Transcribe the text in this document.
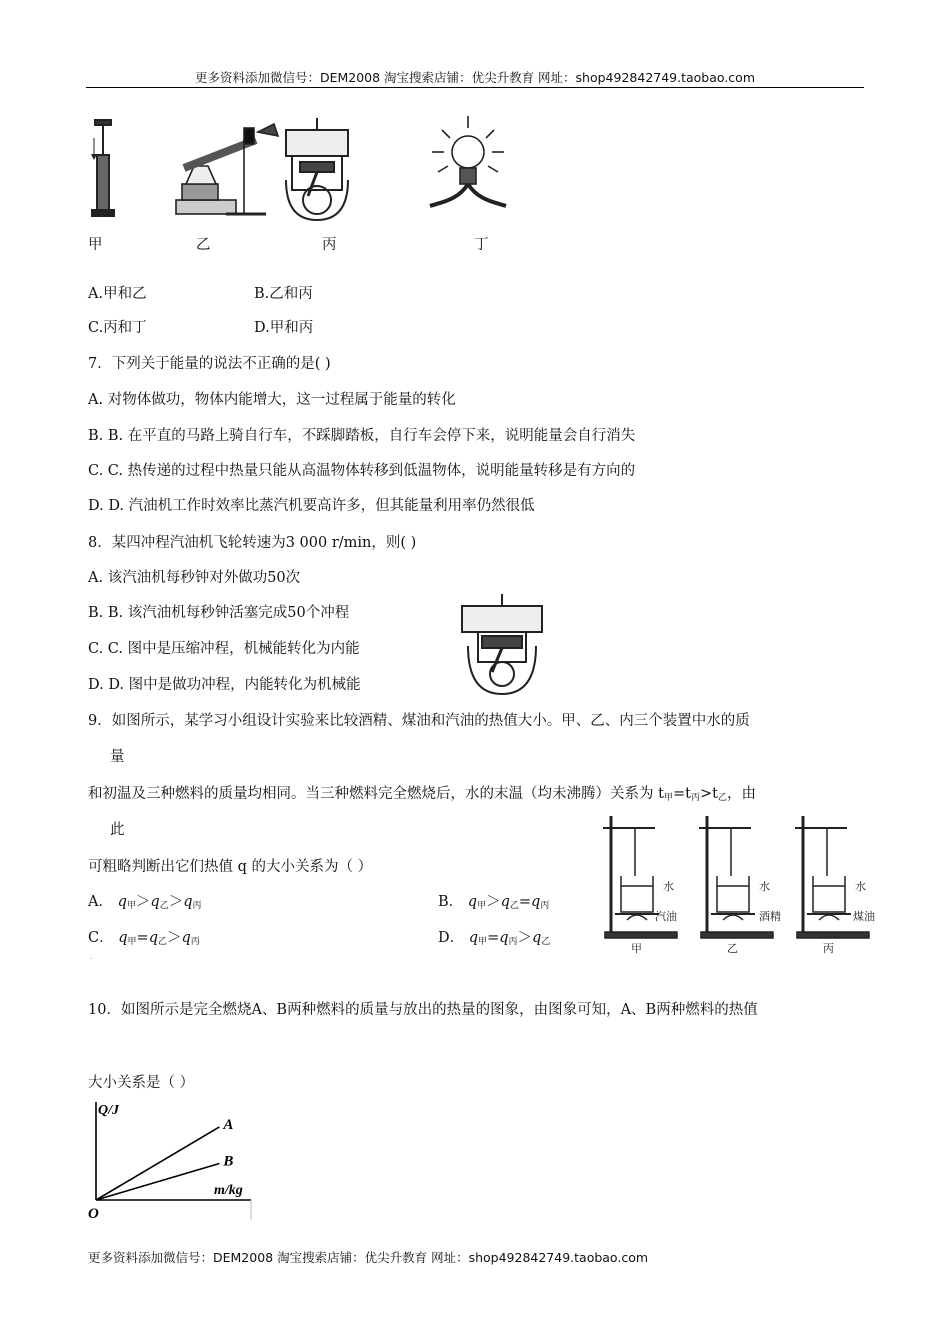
更多资料添加微信号：DEM2008 淘宝搜索店铺：优尖升教育 网址：shop492842749.taobao.com
甲	乙	丙	丁
A.甲和乙	B.乙和丙
C.丙和丁	D.甲和丙
7．下列关于能量的说法不正确的是( )
A. 对物体做功，物体内能增大，这一过程属于能量的转化
B. B. 在平直的马路上骑自行车，不踩脚踏板，自行车会停下来，说明能量会自行消失
C. C. 热传递的过程中热量只能从高温物体转移到低温物体，说明能量转移是有方向的
D. D. 汽油机工作时效率比蒸汽机要高许多，但其能量利用率仍然很低
8．某四冲程汽油机飞轮转速为3 000 r/min，则( )
A. 该汽油机每秒钟对外做功50次
B. B. 该汽油机每秒钟活塞完成50个冲程
C. C. 图中是压缩冲程，机械能转化为内能
D. D. 图中是做功冲程，内能转化为机械能
9．如图所示，某学习小组设计实验来比较酒精、煤油和汽油的热值大小。甲、乙、内三个装置中水的质
量
和初温及三种燃料的质量均相同。当三种燃料完全燃烧后，水的末温（均未沸腾）关系为 $t_甲=t_丙>t_乙$，由
此
可粗略判断出它们热值 q 的大小关系为（ ）
A． $q_甲>q_乙>q_丙$	B． $q_甲>q_乙=q_丙$
C． $q_甲=q_乙>q_丙$	D． $q_甲=q_丙>q_乙$
水	水	水
汽油	酒精	煤油
甲	乙	丙
.
10．如图所示是完全燃烧A、B两种燃料的质量与放出的热量的图象，由图象可知，A、B两种燃料的热值
大小关系是（ ）
A
B
Q/J
m/kg
O
更多资料添加微信号：DEM2008 淘宝搜索店铺：优尖升教育 网址：shop492842749.taobao.com
